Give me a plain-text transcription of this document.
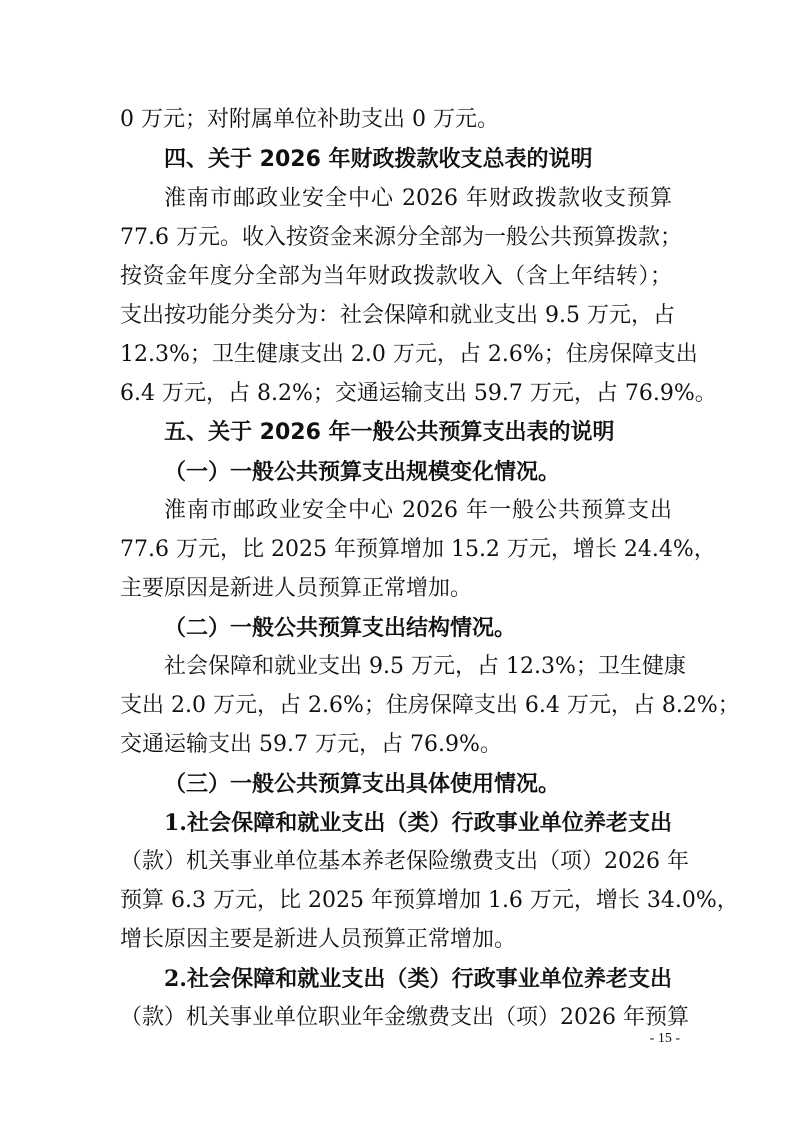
0 万元；对附属单位补助支出 0 万元。
四、关于 2026 年财政拨款收支总表的说明
淮南市邮政业安全中心 2026 年财政拨款收支预算
77.6 万元。收入按资金来源分全部为一般公共预算拨款；
按资金年度分全部为当年财政拨款收入（含上年结转）；
支出按功能分类分为：社会保障和就业支出 9.5 万元，占
12.3%；卫生健康支出 2.0 万元，占 2.6%；住房保障支出
6.4 万元，占 8.2%；交通运输支出 59.7 万元，占 76.9%。
五、关于 2026 年一般公共预算支出表的说明
（一）一般公共预算支出规模变化情况。
淮南市邮政业安全中心 2026 年一般公共预算支出
77.6 万元，比 2025 年预算增加 15.2 万元，增长 24.4%，
主要原因是新进人员预算正常增加。
（二）一般公共预算支出结构情况。
社会保障和就业支出 9.5 万元，占 12.3%；卫生健康
支出 2.0 万元，占 2.6%；住房保障支出 6.4 万元，占 8.2%；
交通运输支出 59.7 万元，占 76.9%。
（三）一般公共预算支出具体使用情况。
1.社会保障和就业支出（类）行政事业单位养老支出
（款）机关事业单位基本养老保险缴费支出（项）2026 年
预算 6.3 万元，比 2025 年预算增加 1.6 万元，增长 34.0%，
增长原因主要是新进人员预算正常增加。
2.社会保障和就业支出（类）行政事业单位养老支出
（款）机关事业单位职业年金缴费支出（项）2026 年预算
- 15 -
